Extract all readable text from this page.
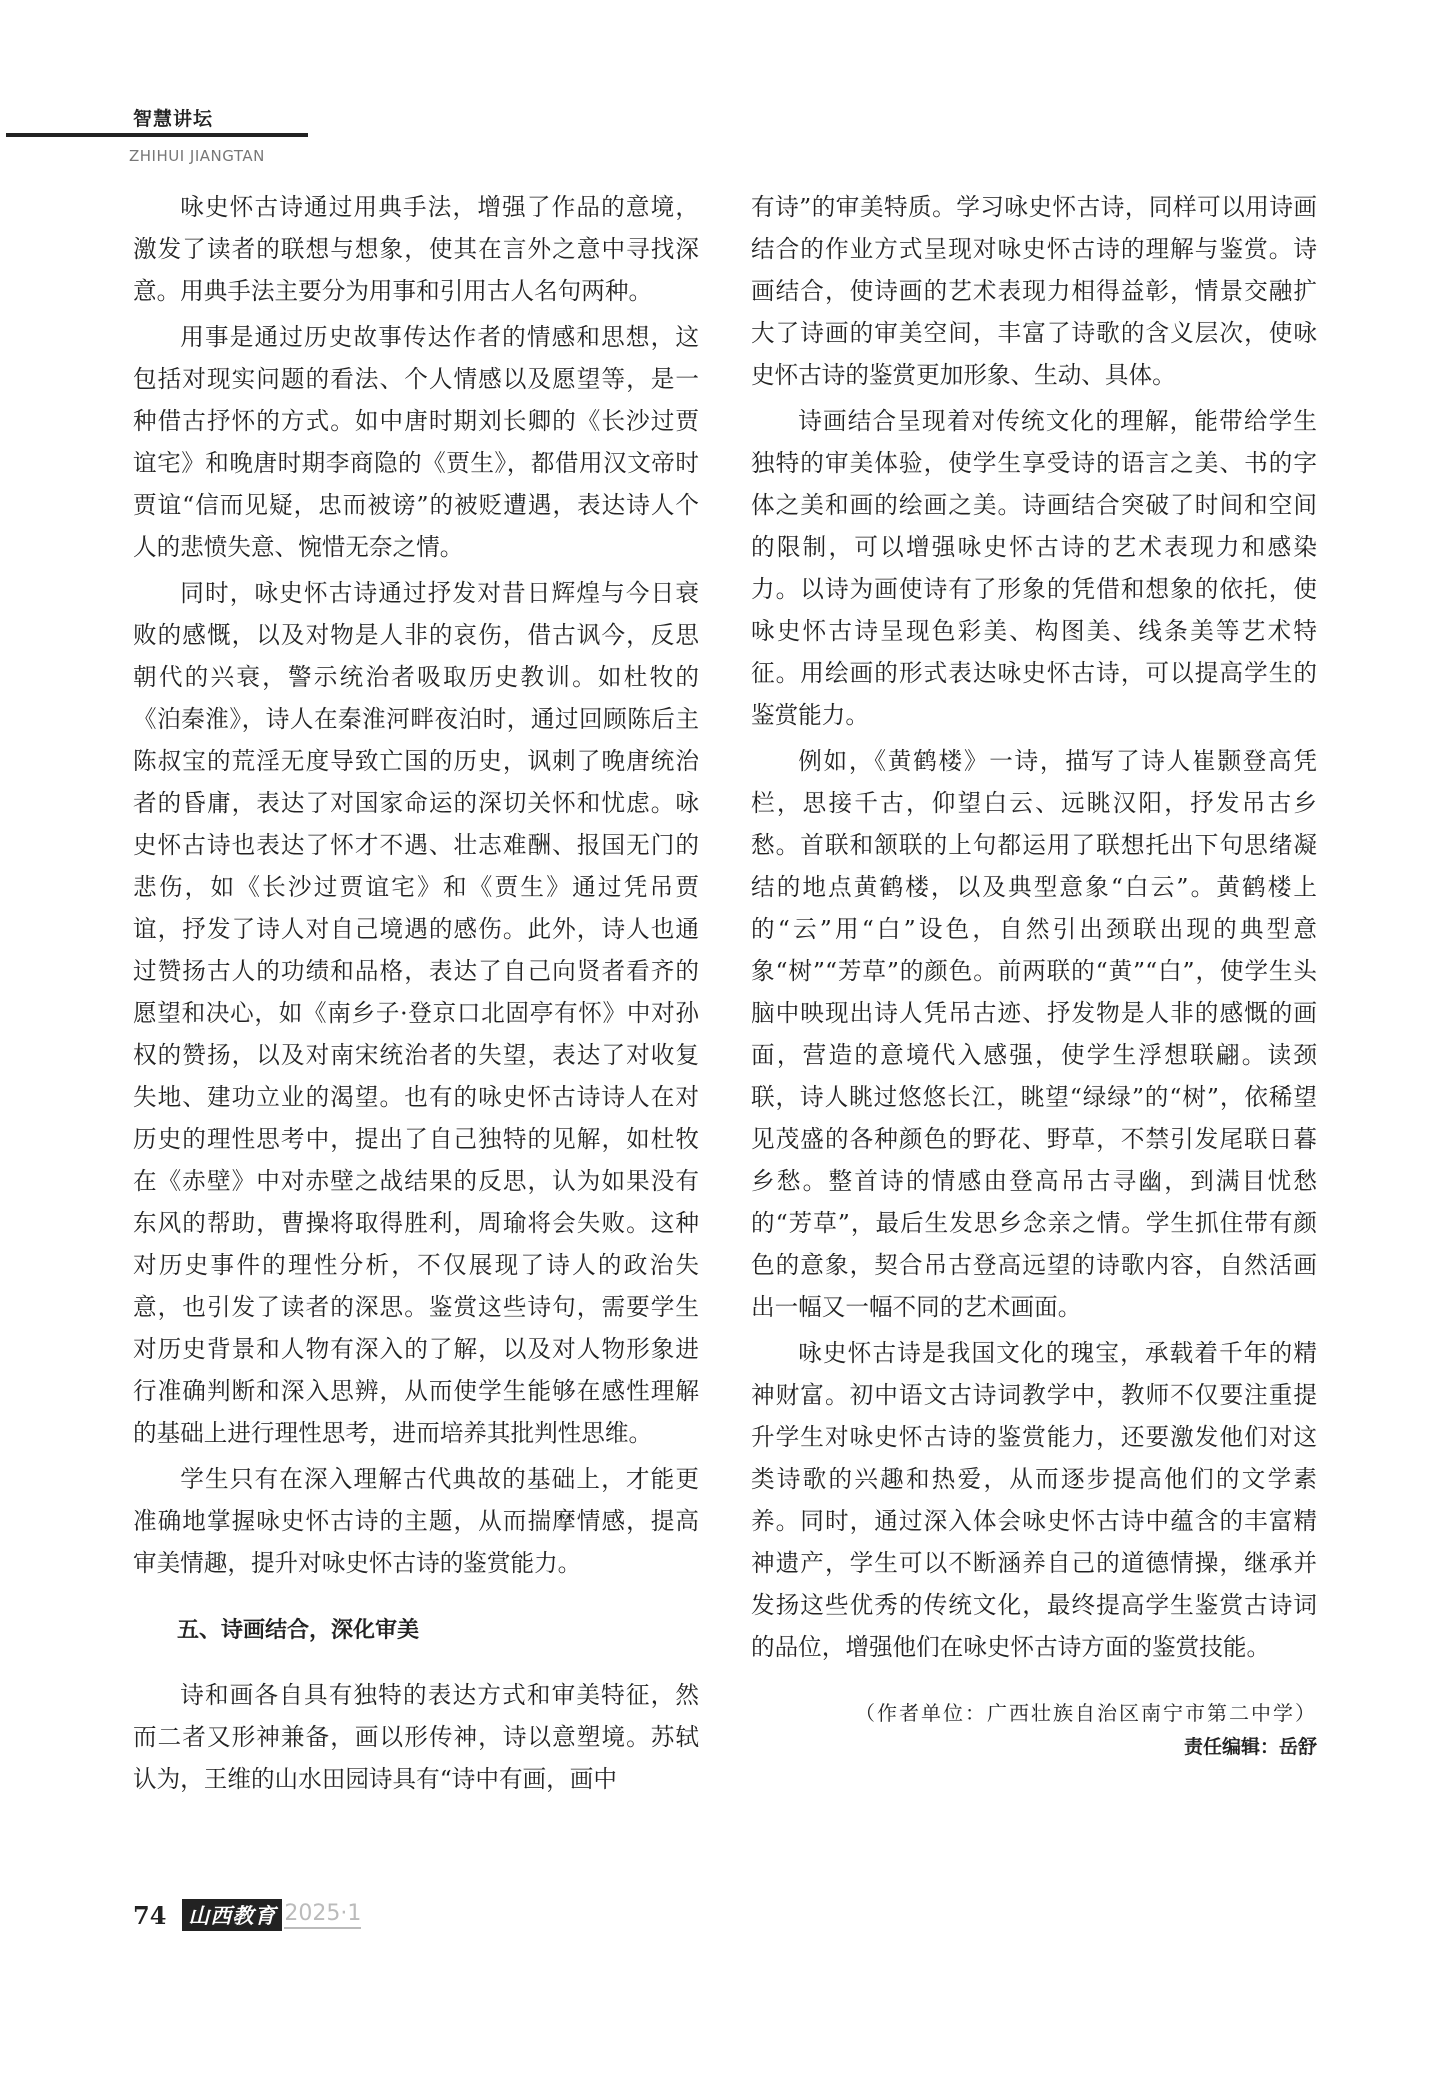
智慧讲坛
ZHIHUI JIANGTAN

咏史怀古诗通过用典手法，增强了作品的意境，激发了读者的联想与想象，使其在言外之意中寻找深意。用典手法主要分为用事和引用古人名句两种。

用事是通过历史故事传达作者的情感和思想，这包括对现实问题的看法、个人情感以及愿望等，是一种借古抒怀的方式。如中唐时期刘长卿的《长沙过贾谊宅》和晚唐时期李商隐的《贾生》，都借用汉文帝时贾谊“信而见疑，忠而被谤”的被贬遭遇，表达诗人个人的悲愤失意、惋惜无奈之情。

同时，咏史怀古诗通过抒发对昔日辉煌与今日衰败的感慨，以及对物是人非的哀伤，借古讽今，反思朝代的兴衰，警示统治者吸取历史教训。如杜牧的《泊秦淮》，诗人在秦淮河畔夜泊时，通过回顾陈后主陈叔宝的荒淫无度导致亡国的历史，讽刺了晚唐统治者的昏庸，表达了对国家命运的深切关怀和忧虑。咏史怀古诗也表达了怀才不遇、壮志难酬、报国无门的悲伤，如《长沙过贾谊宅》和《贾生》通过凭吊贾谊，抒发了诗人对自己境遇的感伤。此外，诗人也通过赞扬古人的功绩和品格，表达了自己向贤者看齐的愿望和决心，如《南乡子·登京口北固亭有怀》中对孙权的赞扬，以及对南宋统治者的失望，表达了对收复失地、建功立业的渴望。也有的咏史怀古诗诗人在对历史的理性思考中，提出了自己独特的见解，如杜牧在《赤壁》中对赤壁之战结果的反思，认为如果没有东风的帮助，曹操将取得胜利，周瑜将会失败。这种对历史事件的理性分析，不仅展现了诗人的政治失意，也引发了读者的深思。鉴赏这些诗句，需要学生对历史背景和人物有深入的了解，以及对人物形象进行准确判断和深入思辨，从而使学生能够在感性理解的基础上进行理性思考，进而培养其批判性思维。

学生只有在深入理解古代典故的基础上，才能更准确地掌握咏史怀古诗的主题，从而揣摩情感，提高审美情趣，提升对咏史怀古诗的鉴赏能力。

五、诗画结合，深化审美

诗和画各自具有独特的表达方式和审美特征，然而二者又形神兼备，画以形传神，诗以意塑境。苏轼认为，王维的山水田园诗具有“诗中有画，画中

有诗”的审美特质。学习咏史怀古诗，同样可以用诗画结合的作业方式呈现对咏史怀古诗的理解与鉴赏。诗画结合，使诗画的艺术表现力相得益彰，情景交融扩大了诗画的审美空间，丰富了诗歌的含义层次，使咏史怀古诗的鉴赏更加形象、生动、具体。

诗画结合呈现着对传统文化的理解，能带给学生独特的审美体验，使学生享受诗的语言之美、书的字体之美和画的绘画之美。诗画结合突破了时间和空间的限制，可以增强咏史怀古诗的艺术表现力和感染力。以诗为画使诗有了形象的凭借和想象的依托，使咏史怀古诗呈现色彩美、构图美、线条美等艺术特征。用绘画的形式表达咏史怀古诗，可以提高学生的鉴赏能力。

例如，《黄鹤楼》一诗，描写了诗人崔颢登高凭栏，思接千古，仰望白云、远眺汉阳，抒发吊古乡愁。首联和颔联的上句都运用了联想托出下句思绪凝结的地点黄鹤楼，以及典型意象“白云”。黄鹤楼上的“云”用“白”设色，自然引出颈联出现的典型意象“树”“芳草”的颜色。前两联的“黄”“白”，使学生头脑中映现出诗人凭吊古迹、抒发物是人非的感慨的画面，营造的意境代入感强，使学生浮想联翩。读颈联，诗人眺过悠悠长江，眺望“绿绿”的“树”，依稀望见茂盛的各种颜色的野花、野草，不禁引发尾联日暮乡愁。整首诗的情感由登高吊古寻幽，到满目忧愁的“芳草”，最后生发思乡念亲之情。学生抓住带有颜色的意象，契合吊古登高远望的诗歌内容，自然活画出一幅又一幅不同的艺术画面。

咏史怀古诗是我国文化的瑰宝，承载着千年的精神财富。初中语文古诗词教学中，教师不仅要注重提升学生对咏史怀古诗的鉴赏能力，还要激发他们对这类诗歌的兴趣和热爱，从而逐步提高他们的文学素养。同时，通过深入体会咏史怀古诗中蕴含的丰富精神遗产，学生可以不断涵养自己的道德情操，继承并发扬这些优秀的传统文化，最终提高学生鉴赏古诗词的品位，增强他们在咏史怀古诗方面的鉴赏技能。

（作者单位：广西壮族自治区南宁市第二中学）
责任编辑：岳舒
74 山西教育 2025·1
